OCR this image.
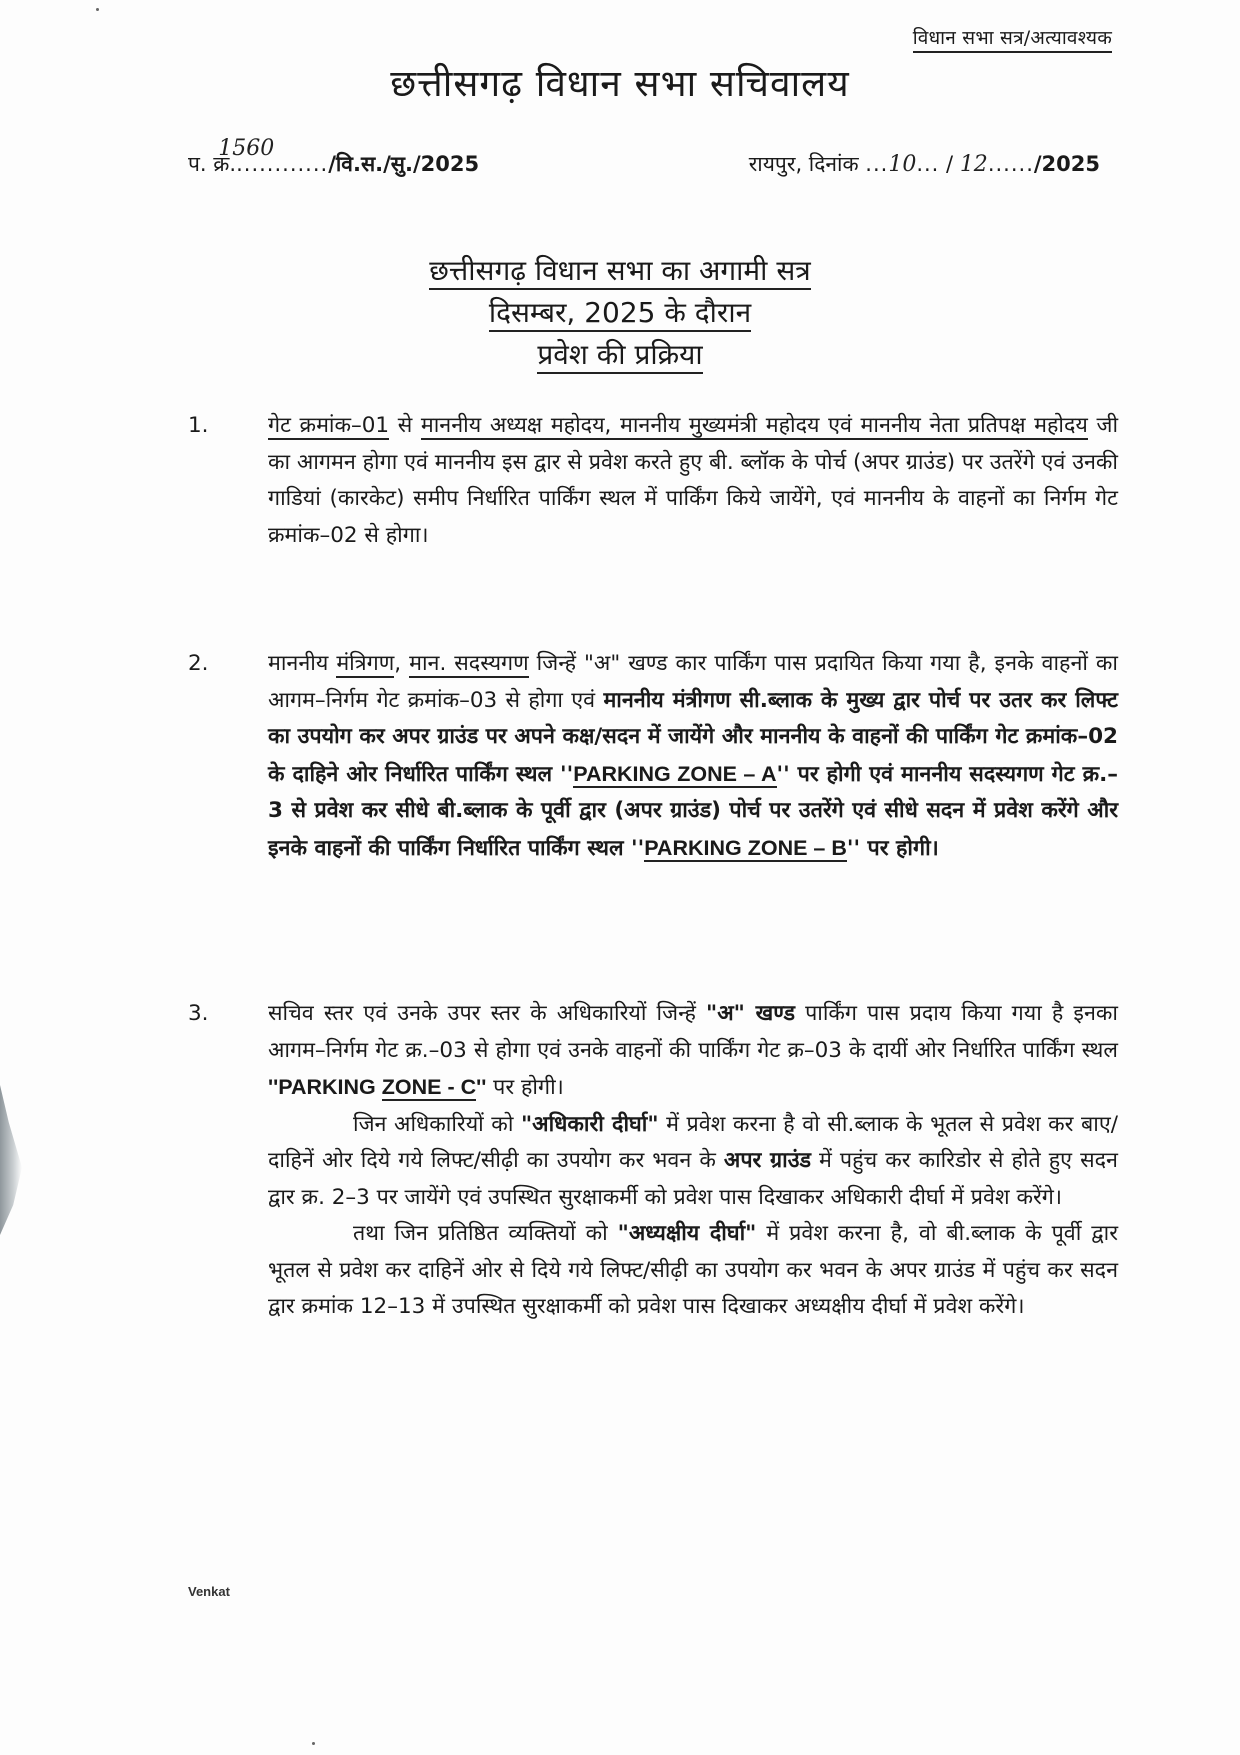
विधान सभा सत्र/अत्यावश्यक
छत्तीसगढ़ विधान सभा सचिवालय
प. क्र.............
1560
/वि.स./सु./2025	रायपुर, दिनांक ...10... / 12....../2025
छत्तीसगढ़ विधान सभा का अगामी सत्र
दिसम्बर, 2025 के दौरान
प्रवेश की प्रक्रिया
1.	गेट क्रमांक–01 से माननीय अध्यक्ष महोदय, माननीय मुख्यमंत्री महोदय एवं माननीय नेता प्रतिपक्ष महोदय जी का आगमन होगा एवं माननीय इस द्वार से प्रवेश करते हुए बी. ब्लॉक के पोर्च (अपर ग्राउंड) पर उतरेंगे एवं उनकी गाडियां (कारकेट) समीप निर्धारित पार्किंग स्थल में पार्किंग किये जायेंगे, एवं माननीय के वाहनों का निर्गम गेट क्रमांक–02 से होगा।
2.	माननीय मंत्रिगण, मान. सदस्यगण जिन्हें "अ" खण्ड कार पार्किंग पास प्रदायित किया गया है, इनके वाहनों का आगम–निर्गम गेट क्रमांक–03 से होगा एवं माननीय मंत्रीगण सी.ब्लाक के मुख्य द्वार पोर्च पर उतर कर लिफ्ट का उपयोग कर अपर ग्राउंड पर अपने कक्ष/सदन में जायेंगे और माननीय के वाहनों की पार्किंग गेट क्रमांक–02 के दाहिने ओर निर्धारित पार्किंग स्थल ''PARKING ZONE – A'' पर होगी एवं माननीय सदस्यगण गेट क्र.–3 से प्रवेश कर सीधे बी.ब्लाक के पूर्वी द्वार (अपर ग्राउंड) पोर्च पर उतरेंगे एवं सीधे सदन में प्रवेश करेंगे और इनके वाहनों की पार्किंग निर्धारित पार्किंग स्थल ''PARKING ZONE – B'' पर होगी।
3.	सचिव स्तर एवं उनके उपर स्तर के अधिकारियों जिन्हें "अ" खण्ड पार्किंग पास प्रदाय किया गया है इनका आगम–निर्गम गेट क्र.–03 से होगा एवं उनके वाहनों की पार्किंग गेट क्र–03 के दायीं ओर निर्धारित पार्किंग स्थल ''PARKING ZONE - C'' पर होगी।
जिन अधिकारियों को "अधिकारी दीर्घा" में प्रवेश करना है वो सी.ब्लाक के भूतल से प्रवेश कर बाए/दाहिनें ओर दिये गये लिफ्ट/सीढ़ी का उपयोग कर भवन के अपर ग्राउंड में पहुंच कर कारिडोर से होते हुए सदन द्वार क्र. 2–3 पर जायेंगे एवं उपस्थित सुरक्षाकर्मी को प्रवेश पास दिखाकर अधिकारी दीर्घा में प्रवेश करेंगे।
तथा जिन प्रतिष्ठित व्यक्तियों को "अध्यक्षीय दीर्घा" में प्रवेश करना है, वो बी.ब्लाक के पूर्वी द्वार भूतल से प्रवेश कर दाहिनें ओर से दिये गये लिफ्ट/सीढ़ी का उपयोग कर भवन के अपर ग्राउंड में पहुंच कर सदन द्वार क्रमांक 12–13 में उपस्थित सुरक्षाकर्मी को प्रवेश पास दिखाकर अध्यक्षीय दीर्घा में प्रवेश करेंगे।
Venkat
